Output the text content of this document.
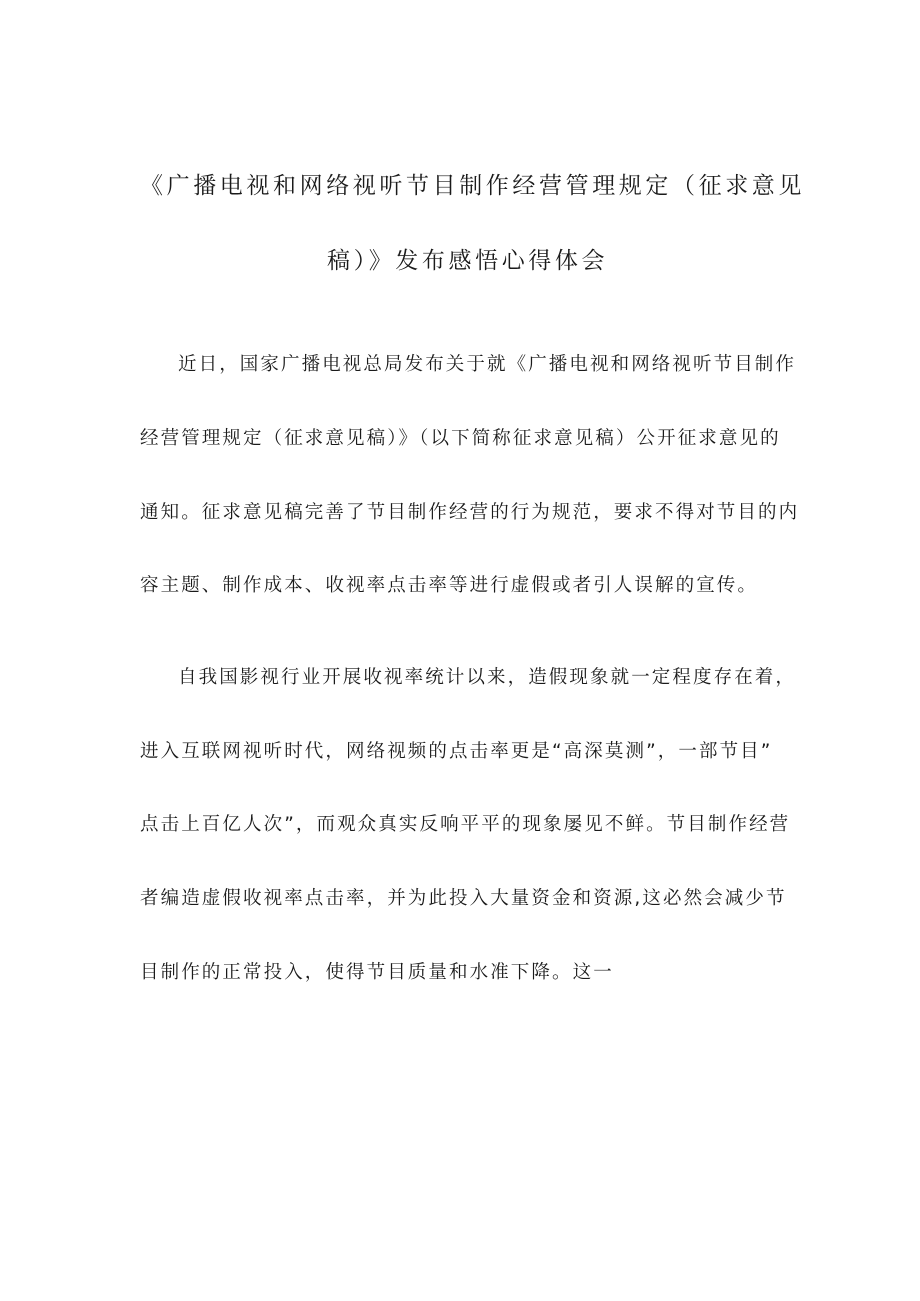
《广播电视和网络视听节目制作经营管理规定（征求意见
稿）》发布感悟心得体会
近日，国家广播电视总局发布关于就《广播电视和网络视听节目制作
经营管理规定（征求意见稿）》（以下简称征求意见稿）公开征求意见的
通知。征求意见稿完善了节目制作经营的行为规范，要求不得对节目的内
容主题、制作成本、收视率点击率等进行虚假或者引人误解的宣传。
自我国影视行业开展收视率统计以来，造假现象就一定程度存在着，
进入互联网视听时代，网络视频的点击率更是“高深莫测”，一部节目”
点击上百亿人次”，而观众真实反响平平的现象屡见不鲜。节目制作经营
者编造虚假收视率点击率，并为此投入大量资金和资源,这必然会减少节
目制作的正常投入，使得节目质量和水准下降。这一
